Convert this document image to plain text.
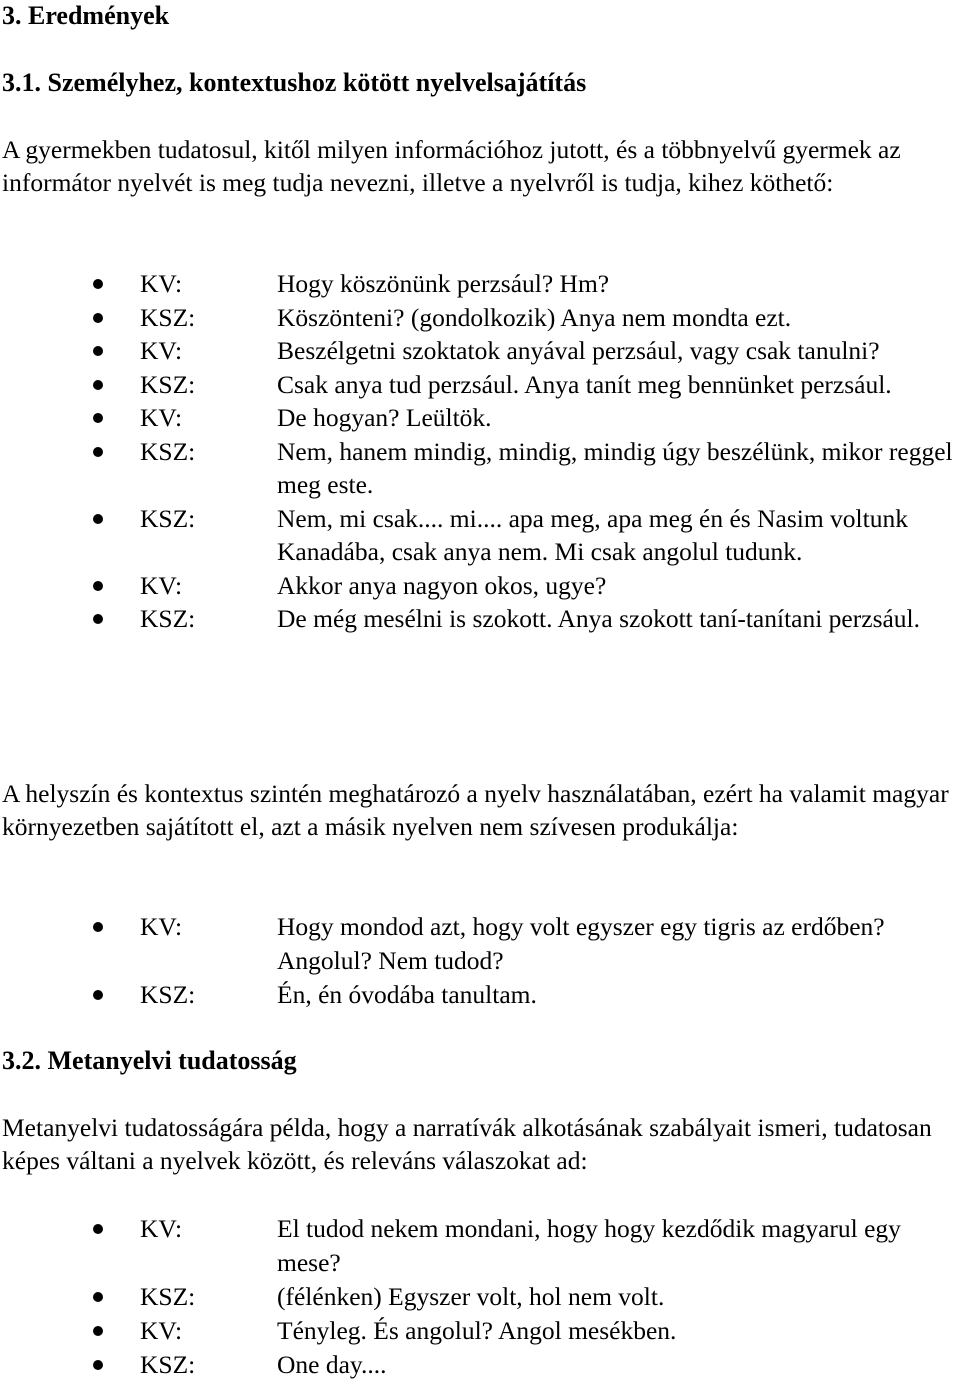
3. Eredmények
3.1. Személyhez, kontextushoz kötött nyelvelsajátítás

A gyermekben tudatosul, kitől milyen információhoz jutott, és a többnyelvű gyermek az informátor nyelvét is meg tudja nevezni, illetve a nyelvről is tudja, kihez köthető:

KV:	Hogy köszönünk perzsául? Hm?
KSZ:	Köszönteni? (gondolkozik) Anya nem mondta ezt.
KV:	Beszélgetni szoktatok anyával perzsául, vagy csak tanulni?
KSZ:	Csak anya tud perzsául. Anya tanít meg bennünket perzsául.
KV:	De hogyan? Leültök.
KSZ:	Nem, hanem mindig, mindig, mindig úgy beszélünk, mikor reggel meg este.
KSZ:	Nem, mi csak.... mi.... apa meg, apa meg én és Nasim voltunk Kanadába, csak anya nem. Mi csak angolul tudunk.
KV:	Akkor anya nagyon okos, ugye?
KSZ:	De még mesélni is szokott. Anya szokott taní-tanítani perzsául.

A helyszín és kontextus szintén meghatározó a nyelv használatában, ezért ha valamit magyar környezetben sajátított el, azt a másik nyelven nem szívesen produkálja:

KV:	Hogy mondod azt, hogy volt egyszer egy tigris az erdőben? Angolul? Nem tudod?
KSZ:	Én, én óvodába tanultam.
3.2. Metanyelvi tudatosság

Metanyelvi tudatosságára példa, hogy a narratívák alkotásának szabályait ismeri, tudatosan képes váltani a nyelvek között, és releváns válaszokat ad:

KV:	El tudod nekem mondani, hogy hogy kezdődik magyarul egy mese?
KSZ:	(félénken) Egyszer volt, hol nem volt.
KV:	Tényleg. És angolul? Angol mesékben.
KSZ:	One day....
